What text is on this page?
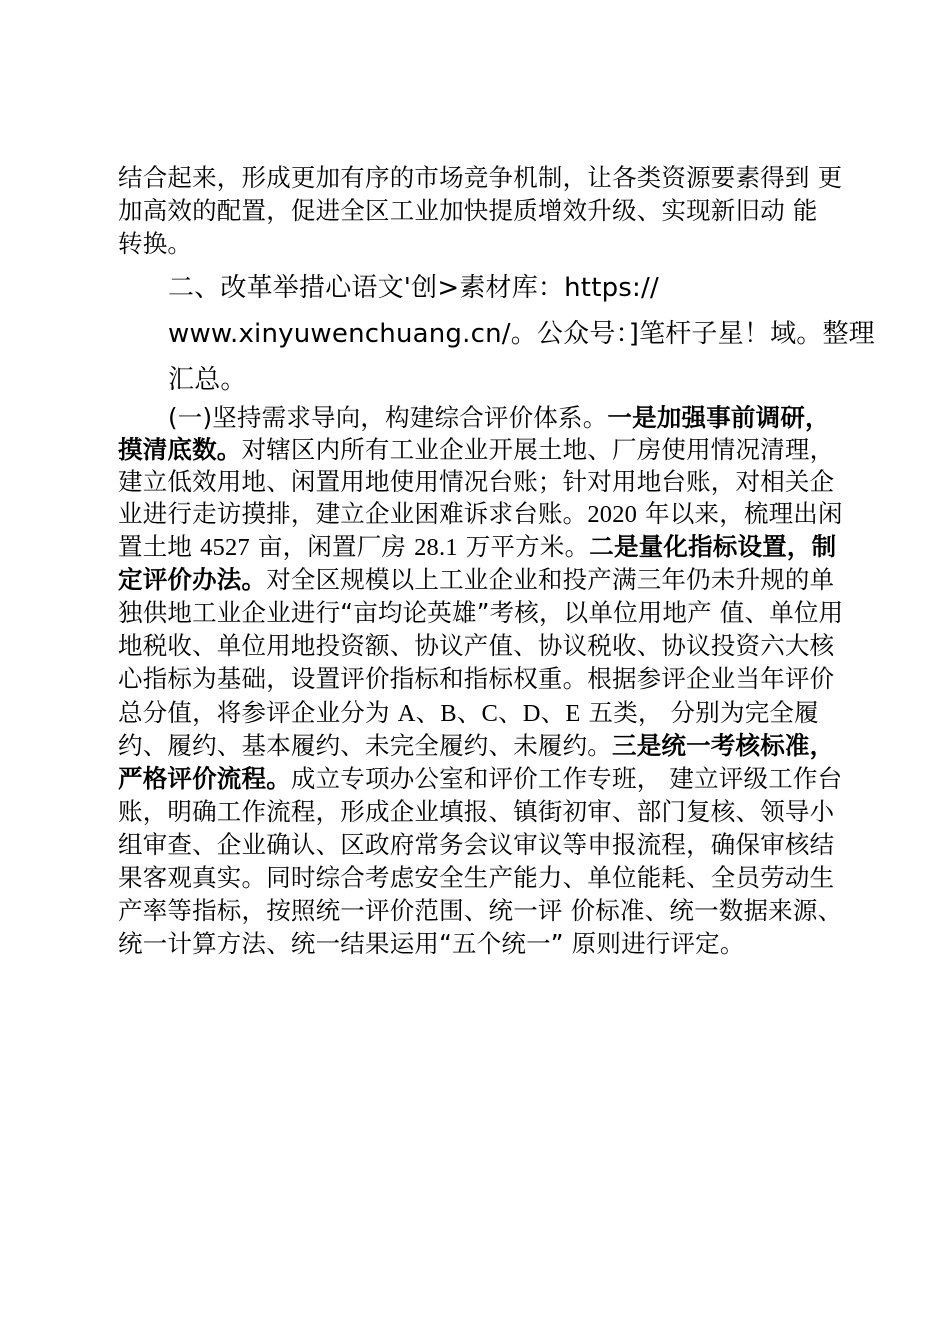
结合起来，形成更加有序的市场竞争机制，让各类资源要素得到 更

加高效的配置，促进全区工业加快提质增效升级、实现新旧动 能

转换。

二、改革举措心语文'创>素材库：https://

www.xinyuwenchuang.cn/。公众号：]笔杆子星！域。整理

汇总。

(一)坚持需求导向，构建综合评价体系。一是加强事前调研，

摸清底数。对辖区内所有工业企业开展土地、厂房使用情况清理，

建立低效用地、闲置用地使用情况台账；针对用地台账，对相关企

业进行走访摸排，建立企业困难诉求台账。2020 年以来，梳理出闲

置土地 4527 亩，闲置厂房 28.1 万平方米。二是量化指标设置，制

定评价办法。对全区规模以上工业企业和投产满三年仍未升规的单

独供地工业企业进行“亩均论英雄”考核，以单位用地产 值、单位用

地税收、单位用地投资额、协议产值、协议税收、协议投资六大核

心指标为基础，设置评价指标和指标权重。根据参评企业当年评价

总分值，将参评企业分为 A、B、C、D、E 五类， 分别为完全履

约、履约、基本履约、未完全履约、未履约。三是统一考核标准，

严格评价流程。成立专项办公室和评价工作专班， 建立评级工作台

账，明确工作流程，形成企业填报、镇街初审、部门复核、领导小

组审查、企业确认、区政府常务会议审议等申报流程，确保审核结

果客观真实。同时综合考虑安全生产能力、单位能耗、全员劳动生

产率等指标，按照统一评价范围、统一评 价标准、统一数据来源、

统一计算方法、统一结果运用“五个统一” 原则进行评定。
